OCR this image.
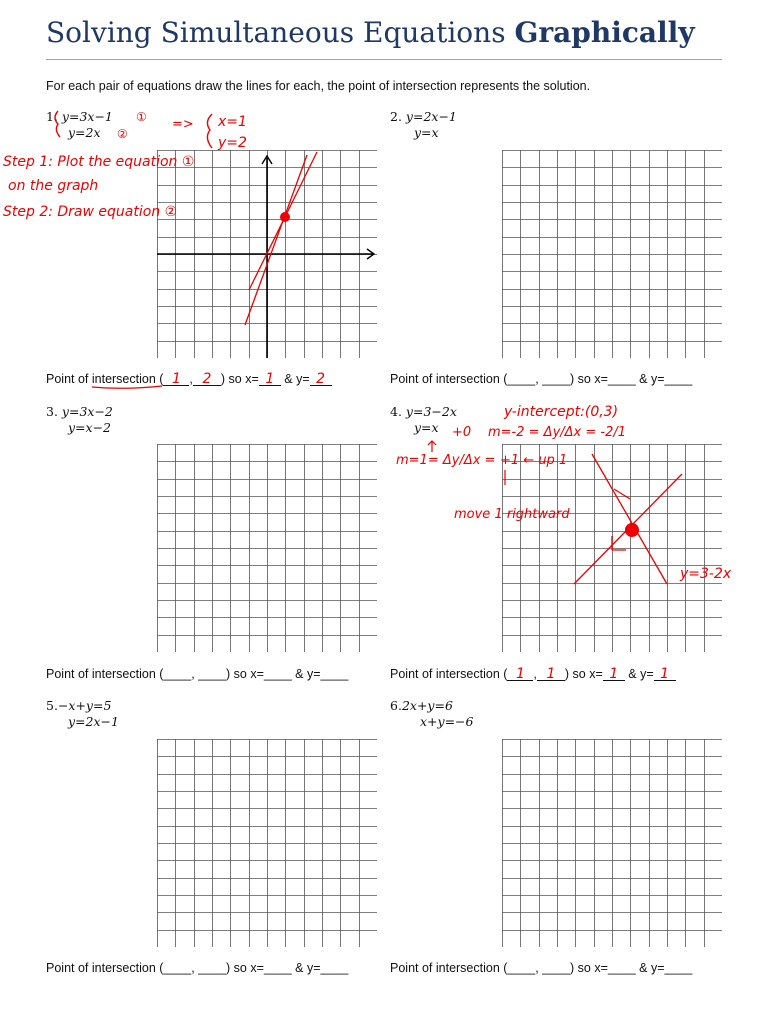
Solving Simultaneous Equations Graphically
For each pair of equations draw the lines for each, the point of intersection represents the solution.
1. y=3x−1
y=2x
2. y=2x−1
y=x
3. y=3x−2
y=x−2
4. y=3−2x
y=x
5.−x+y=5
y=2x−1
6.2x+y=6
x+y=−6
Point of intersection ( 1 , 2 ) so x= 1 & y= 2	Point of intersection (____, ____) so x=____ & y=____
Point of intersection (____, ____) so x=____ & y=____	Point of intersection ( 1 , 1 ) so x= 1 & y= 1
Point of intersection (____, ____) so x=____ & y=____	Point of intersection (____, ____) so x=____ & y=____
①
②
=> x=1
y=2
Step 1: Plot the equation ①
on the graph
Step 2: Draw equation ②
y-intercept:(0,3)
m=-2 = Δy/Δx = -2/1
+0
m=1= Δy/Δx = +1 ← up 1
move 1 rightward
y=3-2x
